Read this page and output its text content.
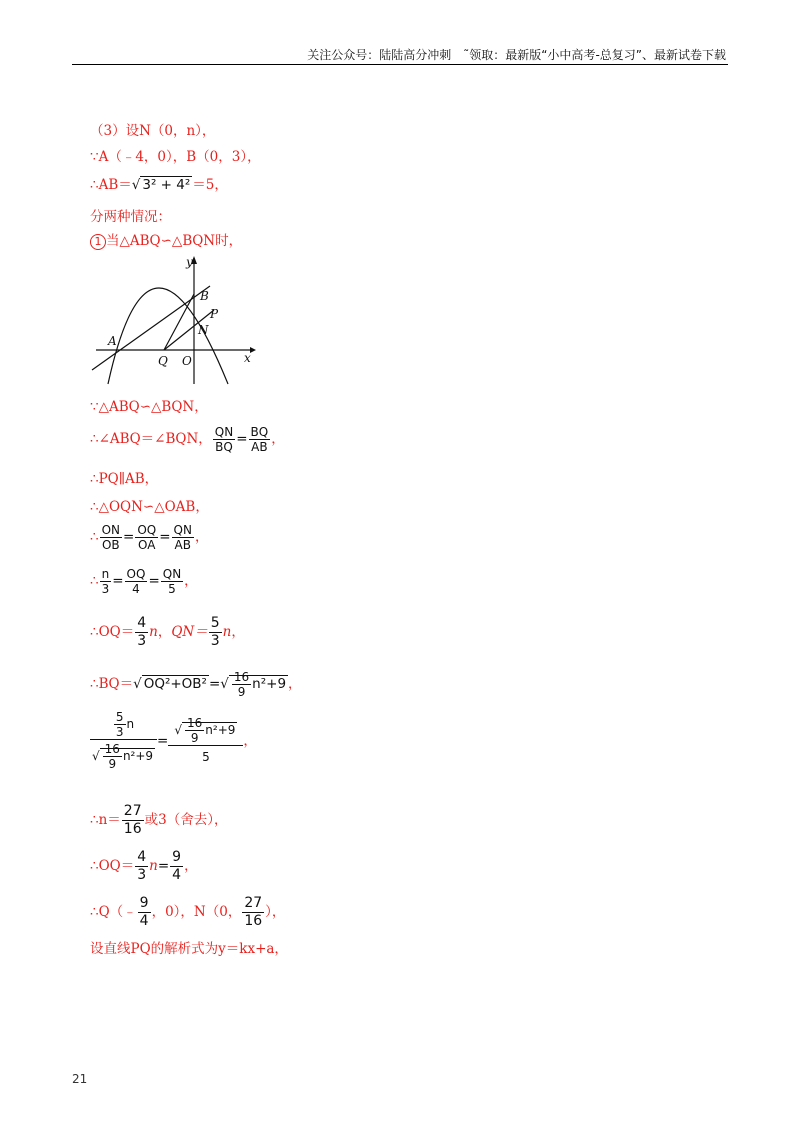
关注公众号：陆陆高分冲刺　˜领取：最新版“小中高考-总复习”、最新试卷下载
（3）设N（0，n），
∵A（﹣4，0），B（0，3），
∴AB＝√ 3² + 4² ＝5，
分两种情况：
1 当△ABQ∽△BQN时，
y
x
A
B
P
N
Q O
∵△ABQ∽△BQN，
∴∠ABQ＝∠BQN， $\frac{QN}{BQ} = \frac{BQ}{AB}$ ，
∴PQ∥AB，
∴△OQN∽△OAB，
∴ $\frac{ON}{OB} = \frac{OQ}{OA} = \frac{QN}{AB}$ ，
∴ $\frac{n}{3} = \frac{OQ}{4} = \frac{QN}{5}$ ，
∴OQ＝ $\frac{4}{3}$ n，$QN= \frac{5}{3}$ n，
∴BQ＝√ OQ²+OB² =√ $\frac{16}{9} n^2+9$ ，
$\frac{\frac{5}{3} n}{√ \frac{16}{9} n^2+9} = \frac{√ \frac{16}{9} n^2+9}{5}$ ，
∴n＝ $\frac{27}{16}$ 或3（舍去），
∴OQ＝ $\frac{4}{3} n= \frac{9}{4}$ ，
∴Q（﹣ $\frac{9}{4}$ ，0），N（0， $\frac{27}{16}$ ），
设直线PQ的解析式为y＝kx+a，
21
